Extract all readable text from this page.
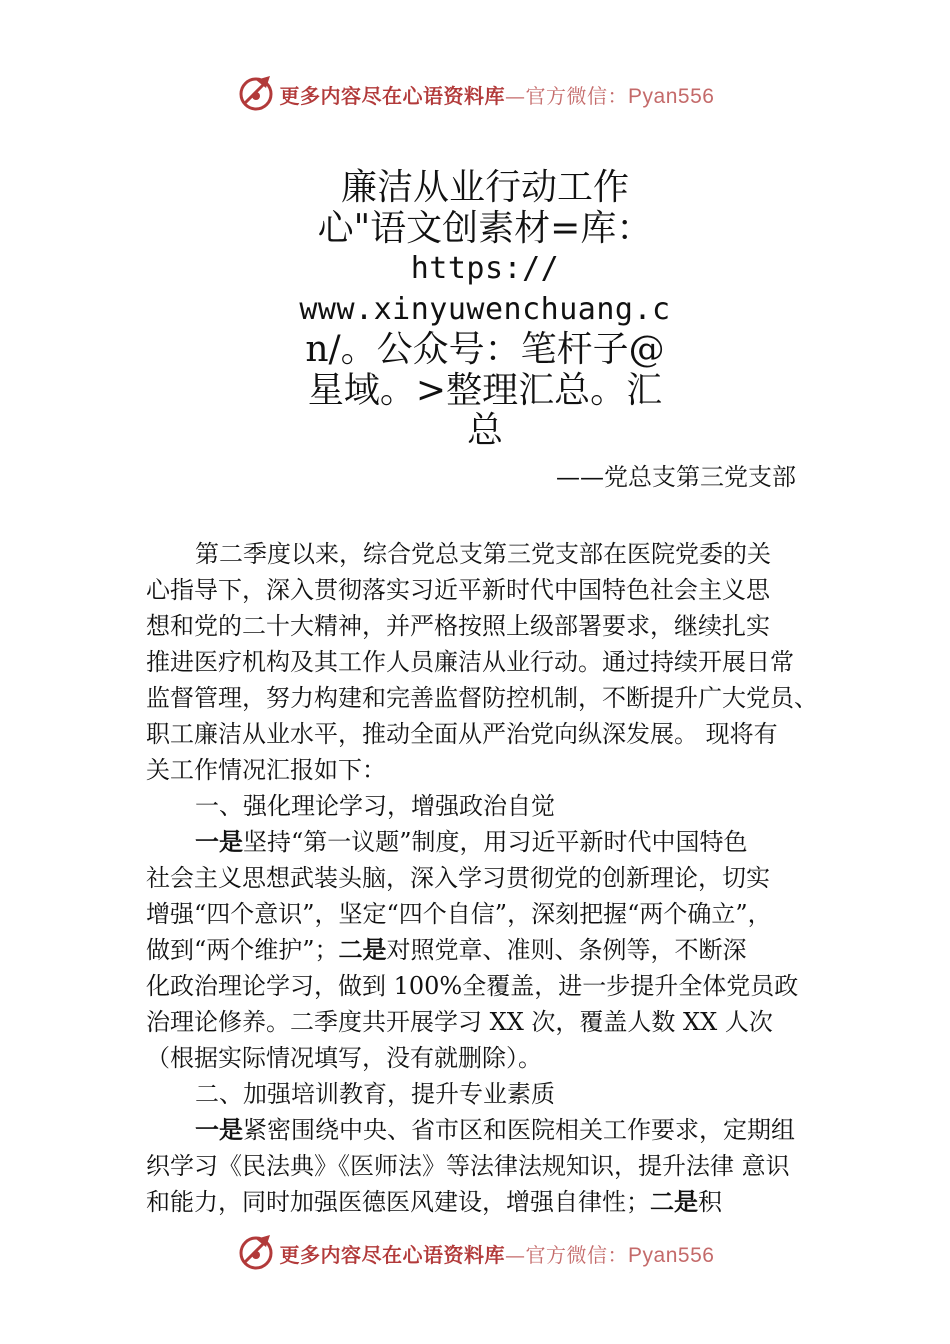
更多内容尽在心语资料库—官方微信：Pyan556
廉洁从业行动工作
心"语文创素材=库：
https://
www.xinyuwenchuang.c
n/。公众号：笔杆子@
星域。>整理汇总。汇
总
——党总支第三党支部
第二季度以来，综合党总支第三党支部在医院党委的关
心指导下，深入贯彻落实习近平新时代中国特色社会主义思
想和党的二十大精神，并严格按照上级部署要求，继续扎实
推进医疗机构及其工作人员廉洁从业行动。通过持续开展日常
监督管理，努力构建和完善监督防控机制，不断提升广大党员、
职工廉洁从业水平，推动全面从严治党向纵深发展。 现将有
关工作情况汇报如下：
一、强化理论学习，增强政治自觉
一是坚持“第一议题”制度，用习近平新时代中国特色
社会主义思想武装头脑，深入学习贯彻党的创新理论，切实
增强“四个意识”，坚定“四个自信”，深刻把握“两个确立”，
做到“两个维护”；二是对照党章、准则、条例等，不断深
化政治理论学习，做到 100%全覆盖，进一步提升全体党员政
治理论修养。二季度共开展学习 XX 次，覆盖人数 XX 人次
（根据实际情况填写，没有就删除）。
二、加强培训教育，提升专业素质
一是紧密围绕中央、省市区和医院相关工作要求，定期组
织学习《民法典》《医师法》等法律法规知识，提升法律 意识
和能力，同时加强医德医风建设，增强自律性；二是积
更多内容尽在心语资料库—官方微信：Pyan556
